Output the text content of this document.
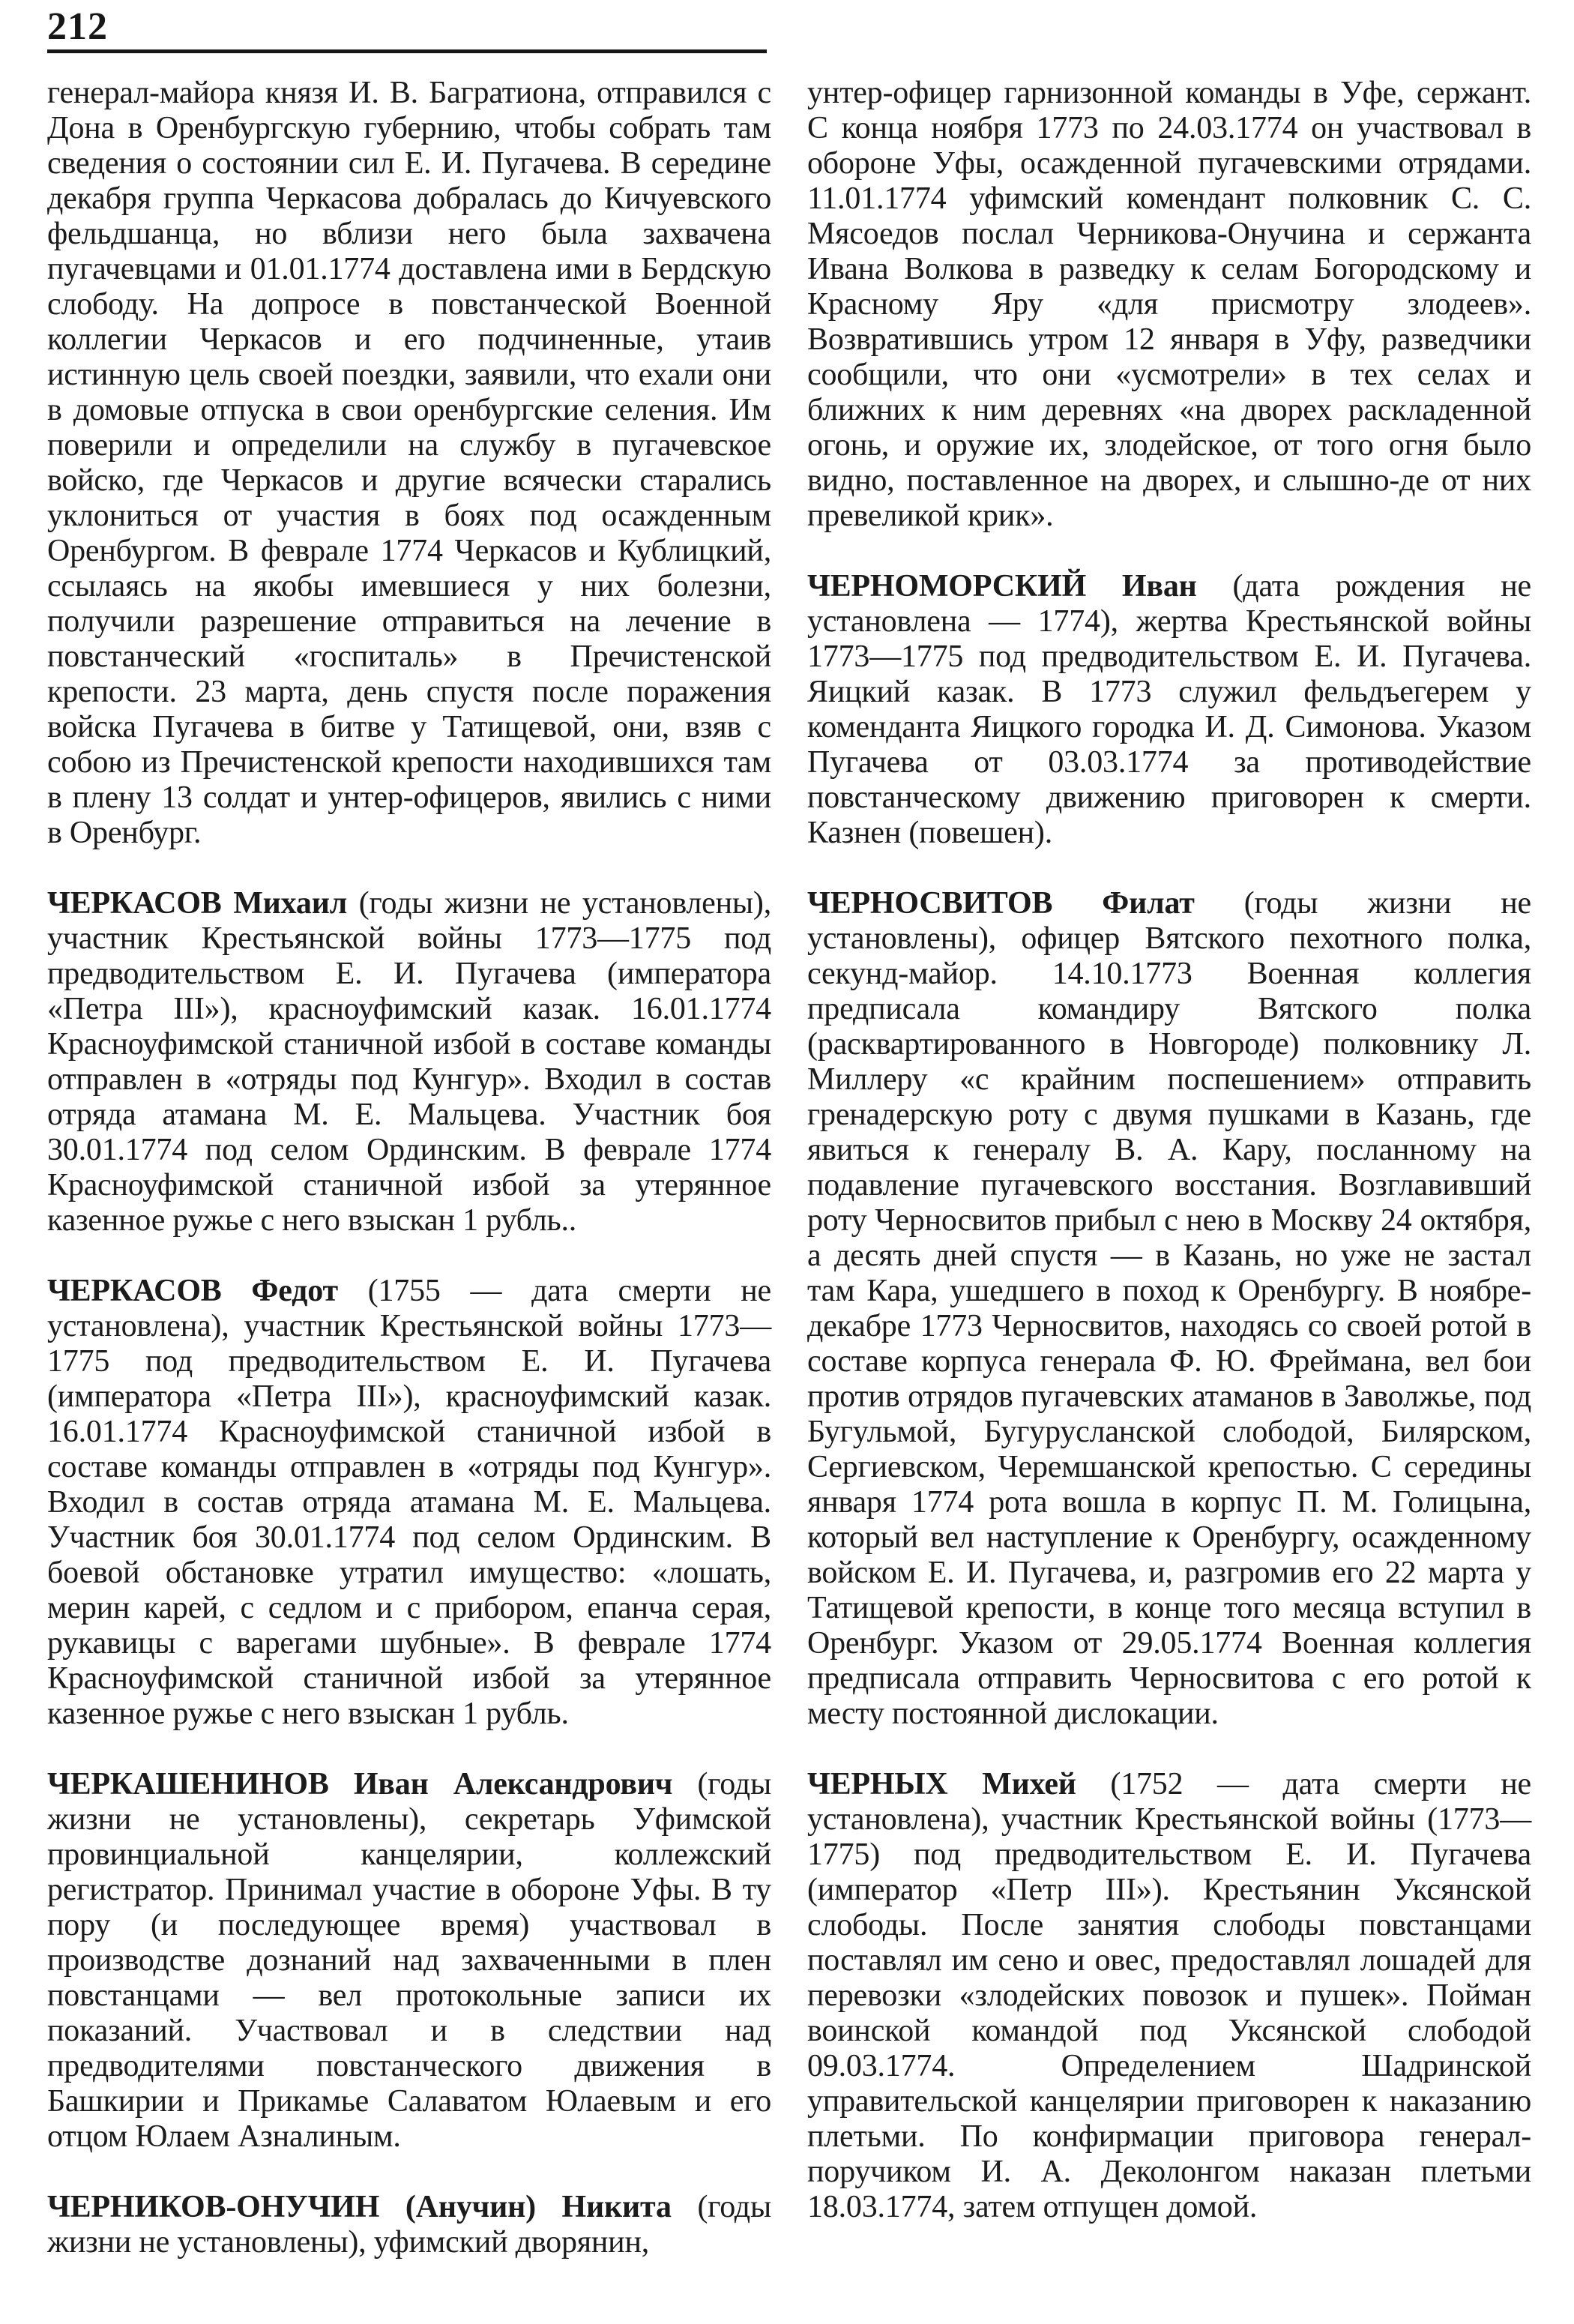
212

генерал-майора князя И. В. Багратиона, отправился с Дона в Оренбургскую губернию, чтобы собрать там сведения о состоянии сил Е. И. Пугачева. В середине декабря группа Черкасова добралась до Кичуевского фельдшанца, но вблизи него была захвачена пугачевцами и 01.01.1774 доставлена ими в Бердскую слободу. На допросе в повстанческой Военной коллегии Черкасов и его подчиненные, утаив истинную цель своей поездки, заявили, что ехали они в домовые отпуска в свои оренбургские селения. Им поверили и определили на службу в пугачевское войско, где Черкасов и другие всячески старались уклониться от участия в боях под осажденным Оренбургом. В феврале 1774 Черкасов и Кублицкий, ссылаясь на якобы имевшиеся у них болезни, получили разрешение отправиться на лечение в повстанческий «госпиталь» в Пречистенской крепости. 23 марта, день спустя после поражения войска Пугачева в битве у Татищевой, они, взяв с собою из Пречистенской крепости находившихся там в плену 13 солдат и унтер-офицеров, явились с ними в Оренбург.

ЧЕРКАСОВ Михаил (годы жизни не установлены), участник Крестьянской войны 1773—1775 под предводительством Е. И. Пугачева (императора «Петра III»), красноуфимский казак. 16.01.1774 Красноуфимской станичной избой в составе команды отправлен в «отряды под Кунгур». Входил в состав отряда атамана М. Е. Мальцева. Участник боя 30.01.1774 под селом Ординским. В феврале 1774 Красноуфимской станичной избой за утерянное казенное ружье с него взыскан 1 рубль..

ЧЕРКАСОВ Федот (1755 — дата смерти не установлена), участник Крестьянской войны 1773—1775 под предводительством Е. И. Пугачева (императора «Петра III»), красноуфимский казак. 16.01.1774 Красноуфимской станичной избой в составе команды отправлен в «отряды под Кунгур». Входил в состав отряда атамана М. Е. Мальцева. Участник боя 30.01.1774 под селом Ординским. В боевой обстановке утратил имущество: «лошать, мерин карей, с седлом и с прибором, епанча серая, рукавицы с варегами шубные». В феврале 1774 Красноуфимской станичной избой за утерянное казенное ружье с него взыскан 1 рубль.

ЧЕРКАШЕНИНОВ Иван Александрович (годы жизни не установлены), секретарь Уфимской провинциальной канцелярии, коллежский регистратор. Принимал участие в обороне Уфы. В ту пору (и последующее время) участвовал в производстве дознаний над захваченными в плен повстанцами — вел протокольные записи их показаний. Участвовал и в следствии над предводителями повстанческого движения в Башкирии и Прикамье Салаватом Юлаевым и его отцом Юлаем Азналиным.

ЧЕРНИКОВ-ОНУЧИН (Анучин) Никита (годы жизни не установлены), уфимский дворянин,

унтер-офицер гарнизонной команды в Уфе, сержант. С конца ноября 1773 по 24.03.1774 он участвовал в обороне Уфы, осажденной пугачевскими отрядами. 11.01.1774 уфимский комендант полковник С. С. Мясоедов послал Черникова-Онучина и сержанта Ивана Волкова в разведку к селам Богородскому и Красному Яру «для присмотру злодеев». Возвратившись утром 12 января в Уфу, разведчики сообщили, что они «усмотрели» в тех селах и ближних к ним деревнях «на дворех раскладенной огонь, и оружие их, злодейское, от того огня было видно, поставленное на дворех, и слышно-де от них превеликой крик».

ЧЕРНОМОРСКИЙ Иван (дата рождения не установлена — 1774), жертва Крестьянской войны 1773—1775 под предводительством Е. И. Пугачева. Яицкий казак. В 1773 служил фельдъегерем у коменданта Яицкого городка И. Д. Симонова. Указом Пугачева от 03.03.1774 за противодействие повстанческому движению приговорен к смерти. Казнен (повешен).

ЧЕРНОСВИТОВ Филат (годы жизни не установлены), офицер Вятского пехотного полка, секунд-майор. 14.10.1773 Военная коллегия предписала командиру Вятского полка (расквартированного в Новгороде) полковнику Л. Миллеру «с крайним поспешением» отправить гренадерскую роту с двумя пушками в Казань, где явиться к генералу В. А. Кару, посланному на подавление пугачевского восстания. Возглавивший роту Черносвитов прибыл с нею в Москву 24 октября, а десять дней спустя — в Казань, но уже не застал там Кара, ушедшего в поход к Оренбургу. В ноябре-декабре 1773 Черносвитов, находясь со своей ротой в составе корпуса генерала Ф. Ю. Фреймана, вел бои против отрядов пугачевских атаманов в Заволжье, под Бугульмой, Бугурусланской слободой, Билярском, Сергиевском, Черемшанской крепостью. С середины января 1774 рота вошла в корпус П. М. Голицына, который вел наступление к Оренбургу, осажденному войском Е. И. Пугачева, и, разгромив его 22 марта у Татищевой крепости, в конце того месяца вступил в Оренбург. Указом от 29.05.1774 Военная коллегия предписала отправить Черносвитова с его ротой к месту постоянной дислокации.

ЧЕРНЫХ Михей (1752 — дата смерти не установлена), участник Крестьянской войны (1773—1775) под предводительством Е. И. Пугачева (император «Петр III»). Крестьянин Уксянской слободы. После занятия слободы повстанцами поставлял им сено и овес, предоставлял лошадей для перевозки «злодейских повозок и пушек». Пойман воинской командой под Уксянской слободой 09.03.1774. Определением Шадринской управительской канцелярии приговорен к наказанию плетьми. По конфирмации приговора генерал-поручиком И. А. Деколонгом наказан плетьми 18.03.1774, затем отпущен домой.
